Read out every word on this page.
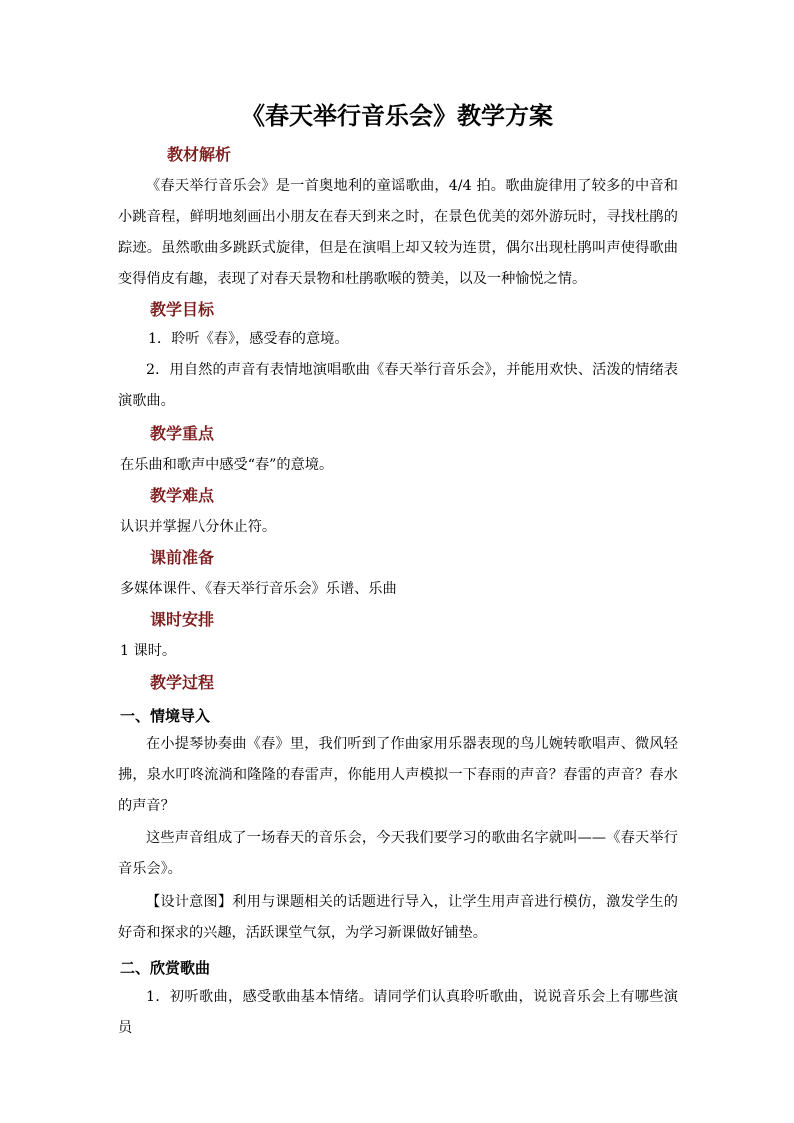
《春天举行音乐会》教学方案
教材解析
《春天举行音乐会》是一首奥地利的童谣歌曲，4/4 拍。歌曲旋律用了较多的中音和小跳音程，鲜明地刻画出小朋友在春天到来之时，在景色优美的郊外游玩时，寻找杜鹃的踪迹。虽然歌曲多跳跃式旋律，但是在演唱上却又较为连贯，偶尔出现杜鹃叫声使得歌曲变得俏皮有趣，表现了对春天景物和杜鹃歌喉的赞美，以及一种愉悦之情。
教学目标
1．聆听《春》，感受春的意境。
2．用自然的声音有表情地演唱歌曲《春天举行音乐会》，并能用欢快、活泼的情绪表演歌曲。
教学重点
在乐曲和歌声中感受“春”的意境。
教学难点
认识并掌握八分休止符。
课前准备
多媒体课件、《春天举行音乐会》乐谱、乐曲
课时安排
1 课时。
教学过程
一、情境导入
在小提琴协奏曲《春》里，我们听到了作曲家用乐器表现的鸟儿婉转歌唱声、微风轻拂，泉水叮咚流淌和隆隆的春雷声，你能用人声模拟一下春雨的声音？春雷的声音？春水的声音？
这些声音组成了一场春天的音乐会，今天我们要学习的歌曲名字就叫——《春天举行音乐会》。
【设计意图】利用与课题相关的话题进行导入，让学生用声音进行模仿，激发学生的好奇和探求的兴趣，活跃课堂气氛，为学习新课做好铺垫。
二、欣赏歌曲
1．初听歌曲，感受歌曲基本情绪。请同学们认真聆听歌曲，说说音乐会上有哪些演员
